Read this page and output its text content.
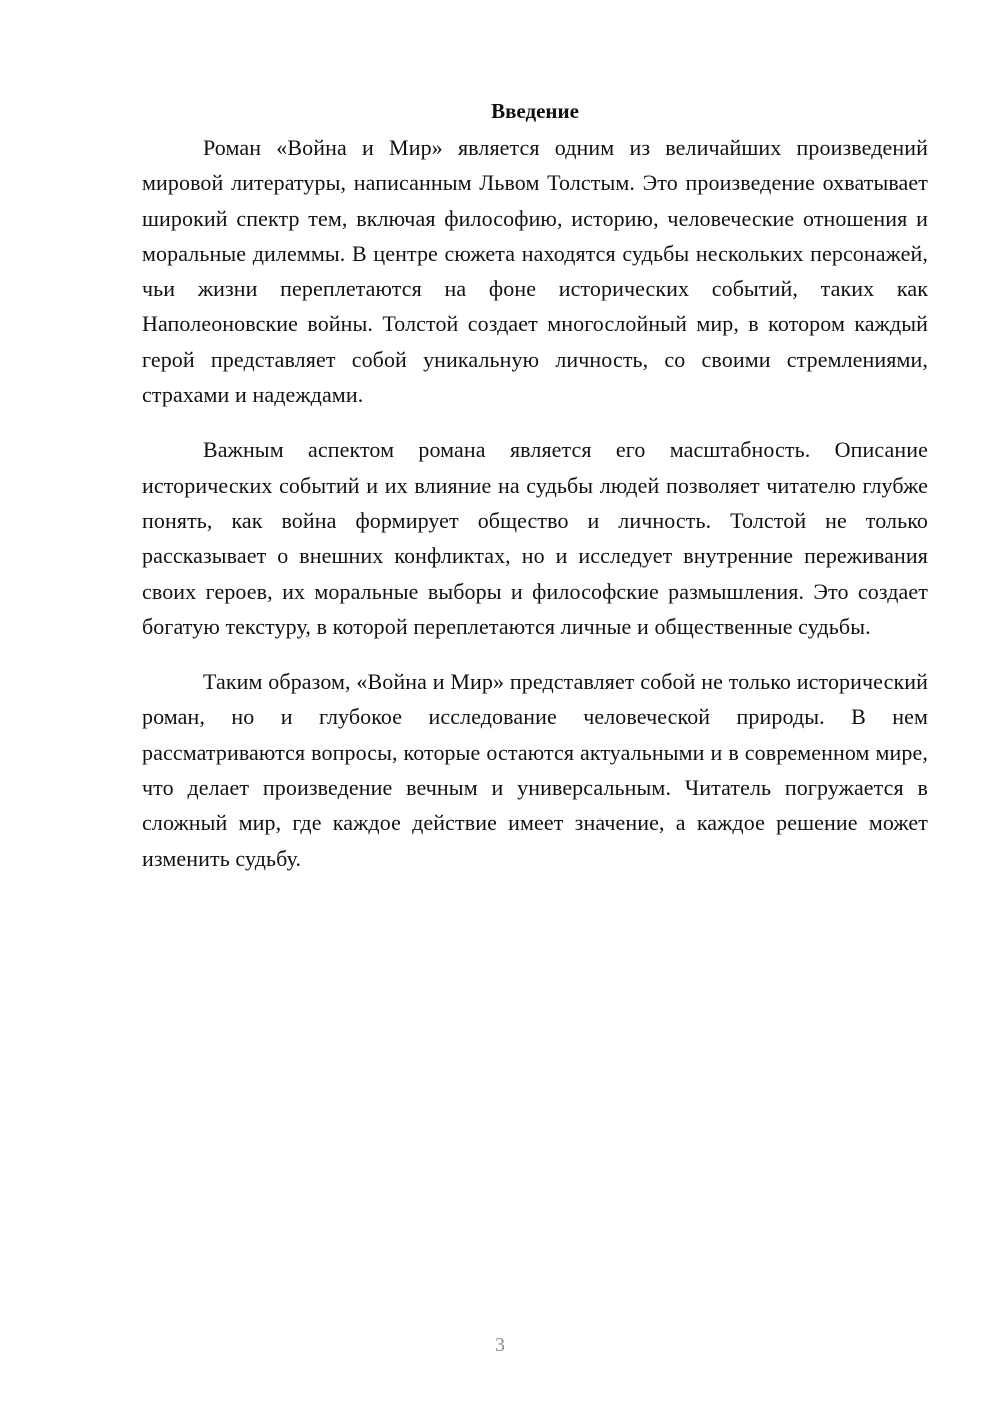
Введение

Роман «Война и Мир» является одним из величайших произведений мировой литературы, написанным Львом Толстым. Это произведение охватывает широкий спектр тем, включая философию, историю, человеческие отношения и моральные дилеммы. В центре сюжета находятся судьбы нескольких персонажей, чьи жизни переплетаются на фоне исторических событий, таких как Наполеоновские войны. Толстой создает многослойный мир, в котором каждый герой представляет собой уникальную личность, со своими стремлениями, страхами и надеждами.

Важным аспектом романа является его масштабность. Описание исторических событий и их влияние на судьбы людей позволяет читателю глубже понять, как война формирует общество и личность. Толстой не только рассказывает о внешних конфликтах, но и исследует внутренние переживания своих героев, их моральные выборы и философские размышления. Это создает богатую текстуру, в которой переплетаются личные и общественные судьбы.

Таким образом, «Война и Мир» представляет собой не только исторический роман, но и глубокое исследование человеческой природы. В нем рассматриваются вопросы, которые остаются актуальными и в современном мире, что делает произведение вечным и универсальным. Читатель погружается в сложный мир, где каждое действие имеет значение, а каждое решение может изменить судьбу.

3
